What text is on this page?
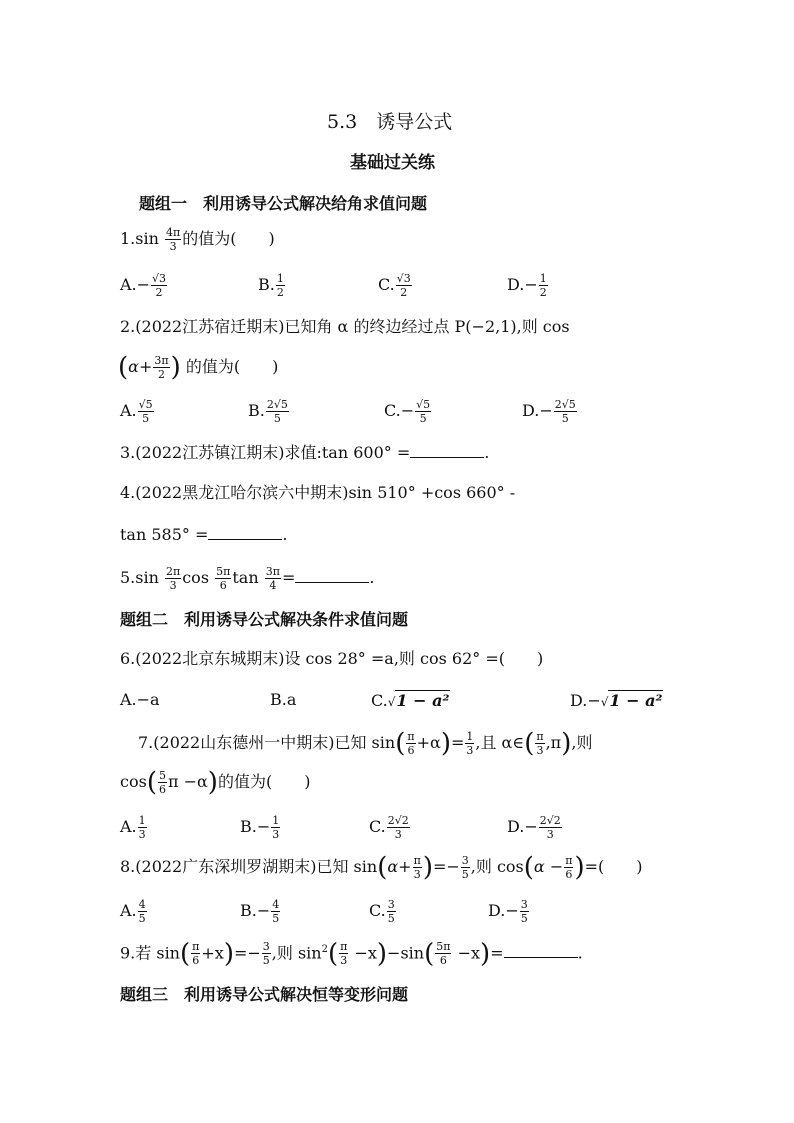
5.3　诱导公式
基础过关练
题组一　利用诱导公式解决给角求值问题
$1.\sin \frac{4\pi}{3}$ 的值为( )
$A.- \frac{√3}{2}$	B. $\frac{1}{2}$	C. $\frac{√3}{2}$	$D.- \frac{1}{2}$
2.(2022江苏宿迁期末)已知角 α 的终边经过点 P(−2,1),则 cos
($\alpha+ \frac{3\pi}{2}$ ) 的值为( )
A. $\frac{√5}{5}$	B. $\frac{2√5}{5}$	$C.- \frac{√5}{5}$	$D.- \frac{2√5}{5}$
3.(2022江苏镇江期末)求值:tan 600° =	.
4.(2022黑龙江哈尔滨六中期末)sin 510° +cos 660° -
tan 585° =	.
$5.\sin \frac{2\pi}{3}$ $\cos \frac{5\pi}{6}$ $\tan \frac{3\pi}{4}$ =	.
题组二　利用诱导公式解决条件求值问题
6.(2022北京东城期末)设 cos 28° =a,则 cos 62° =( )
A.−a	B.a	C.√1 − a²	D.−√1 − a²
7.(2022山东德州一中期末)已知 $\sin( \frac{\pi}{6} +\alpha)= \frac{1}{3}$ ,且 α∈( $\frac{\pi}{3} ,\pi$),则
$\cos( \frac{5}{6}$ π −α)的值为( )
A. $\frac{1}{3}$	$B.- \frac{1}{3}$	C. $\frac{2√2}{3}$	$D.- \frac{2√2}{3}$
8.(2022广东深圳罗湖期末)已知 $\sin(\alpha+ \frac{\pi}{3}$ )=− $\frac{3}{5}$ ,则 $\cos(\alpha - \frac{\pi}{6}$ )=( )
A. $\frac{4}{5}$	$B.- \frac{4}{5}$	C. $\frac{3}{5}$	$D.- \frac{3}{5}$
9.若 $\sin( \frac{\pi}{6} +x)=- \frac{3}{5}$ ,则 $\sin^2( \frac{\pi}{3} -x)-\sin( \frac{5\pi}{6} -x)=$	.
题组三　利用诱导公式解决恒等变形问题
